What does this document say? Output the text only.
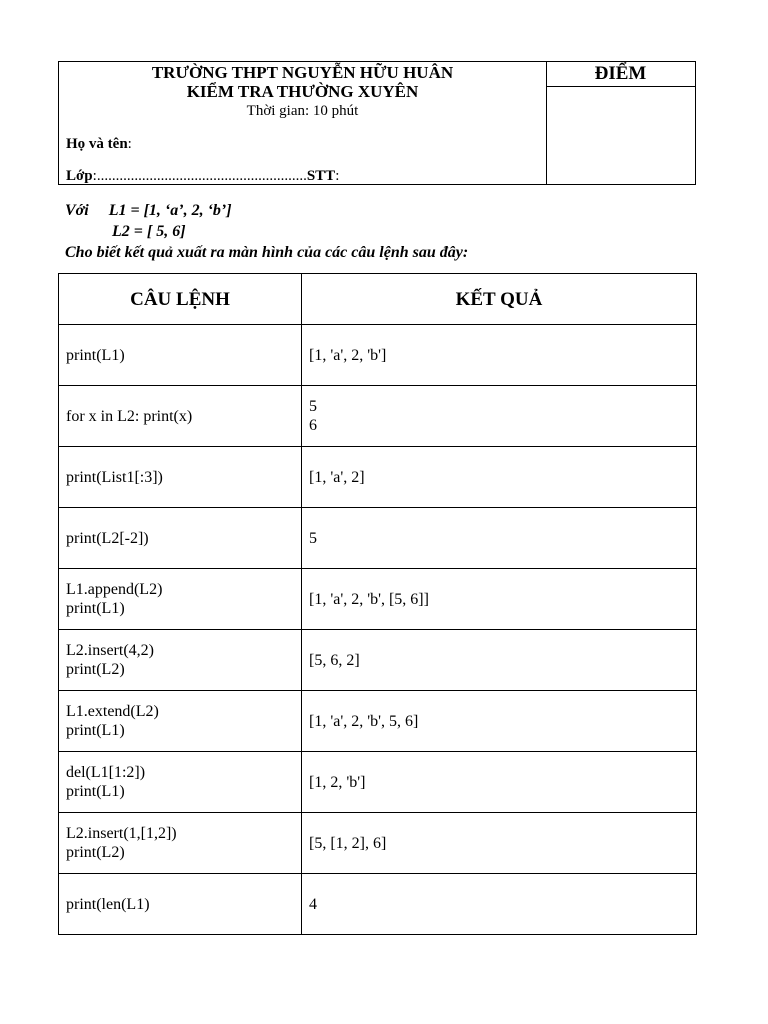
TRƯỜNG THPT NGUYỄN HỮU HUÂN
KIỂM TRA THƯỜNG XUYÊN
Thời gian: 10 phút
Họ và tên:
Lớp:........................................................STT:
ĐIỂM
Với     L1 = [1, ‘a’, 2, ‘b’]
L2 = [ 5, 6]
Cho biết kết quả xuất ra màn hình của các câu lệnh sau đây:
CÂU LỆNH	KẾT QUẢ

print(L1)	[1, 'a', 2, 'b']

for x in L2: print(x)	5
6

print(List1[:3])	[1, 'a', 2]

print(L2[-2])	5

L1.append(L2)
print(L1)	[1, 'a', 2, 'b', [5, 6]]

L2.insert(4,2)
print(L2)	[5, 6, 2]

L1.extend(L2)
print(L1)	[1, 'a', 2, 'b', 5, 6]

del(L1[1:2])
print(L1)	[1, 2, 'b']

L2.insert(1,[1,2])
print(L2)	[5, [1, 2], 6]

print(len(L1)	4
